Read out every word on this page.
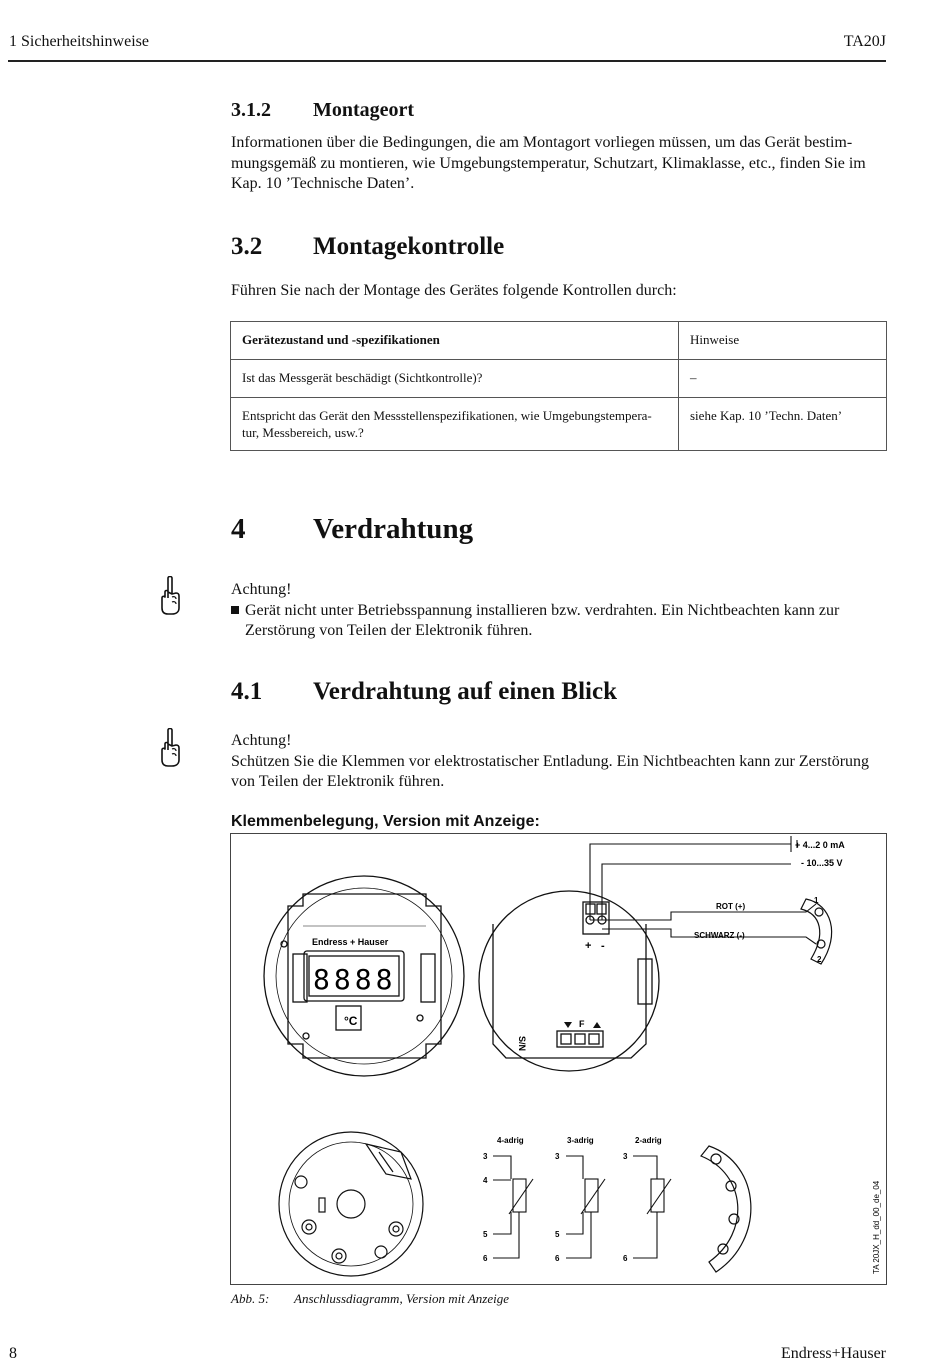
1 Sicherheitshinweise	TA20J
3.1.2 Montageort
Informationen über die Bedingungen, die am Montagort vorliegen müssen, um das Gerät bestim-mungsgemäß zu montieren, wie Umgebungstemperatur, Schutzart, Klimaklasse, etc., finden Sie im Kap. 10 ’Technische Daten’.
3.2 Montagekontrolle
Führen Sie nach der Montage des Gerätes folgende Kontrollen durch:
Gerätezustand und -spezifikationen	Hinweise
Ist das Messgerät beschädigt (Sichtkontrolle)?	–
Entspricht das Gerät den Messstellenspezifikationen, wie Umgebungstempera-tur, Messbereich, usw.?	siehe Kap. 10 ’Techn. Daten’
4 Verdrahtung
Achtung!
Gerät nicht unter Betriebsspannung installieren bzw. verdrahten. Ein Nichtbeachten kann zur Zerstörung von Teilen der Elektronik führen.
4.1 Verdrahtung auf einen Blick
Achtung!
Schützen Sie die Klemmen vor elektrostatischer Entladung. Ein Nichtbeachten kann zur Zerstörung von Teilen der Elektronik führen.
Klemmenbelegung, Version mit Anzeige:
Endress + Hauser
8888
°C	F
S/N
+ -
+ 4...2 0 mA
- 10...35 V
ROT (+)
SCHWARZ (-)
1
2
4-adrig
3
4
5
6
3-adrig
3
5
6
2-adrig
3
6	TA 20JX_H_dd_00_de_04
Abb. 5: Anschlussdiagramm, Version mit Anzeige
8	Endress+Hauser
